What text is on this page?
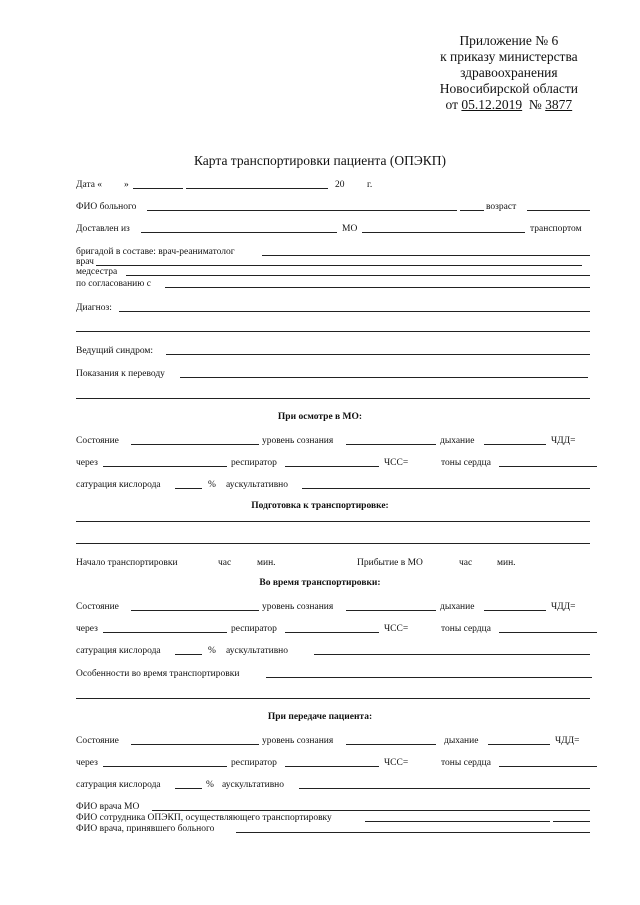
Приложение № 6
к приказу министерства
здравоохранения
Новосибирской области
от 05.12.2019 № 3877
Карта транспортировки пациента (ОПЭКП)
Дата « »	20 г.
ФИО больного	возраст
Доставлен из	МО	транспортом
бригадой в составе: врач-реаниматолог
врач
медсестра
по согласованию с
Диагноз:
Ведущий синдром:
Показания к переводу
При осмотре в МО:
Состояние	уровень сознания	дыхание	ЧДД=
через	респиратор	ЧСС=	тоны сердца
сатурация кислорода	% аускультативно
Подготовка к транспортировке:
Начало транспортировки	час	мин.	Прибытие в МО	час	мин.
Во время транспортировки:
Состояние	уровень сознания	дыхание	ЧДД=
через	респиратор	ЧСС=	тоны сердца
сатурация кислорода	% аускультативно
Особенности во время транспортировки
При передаче пациента:
Состояние	уровень сознания	дыхание	ЧДД=
через	респиратор	ЧСС=	тоны сердца
сатурация кислорода	% аускультативно
ФИО врача МО
ФИО сотрудника ОПЭКП, осуществляющего транспортировку
ФИО врача, принявшего больного
